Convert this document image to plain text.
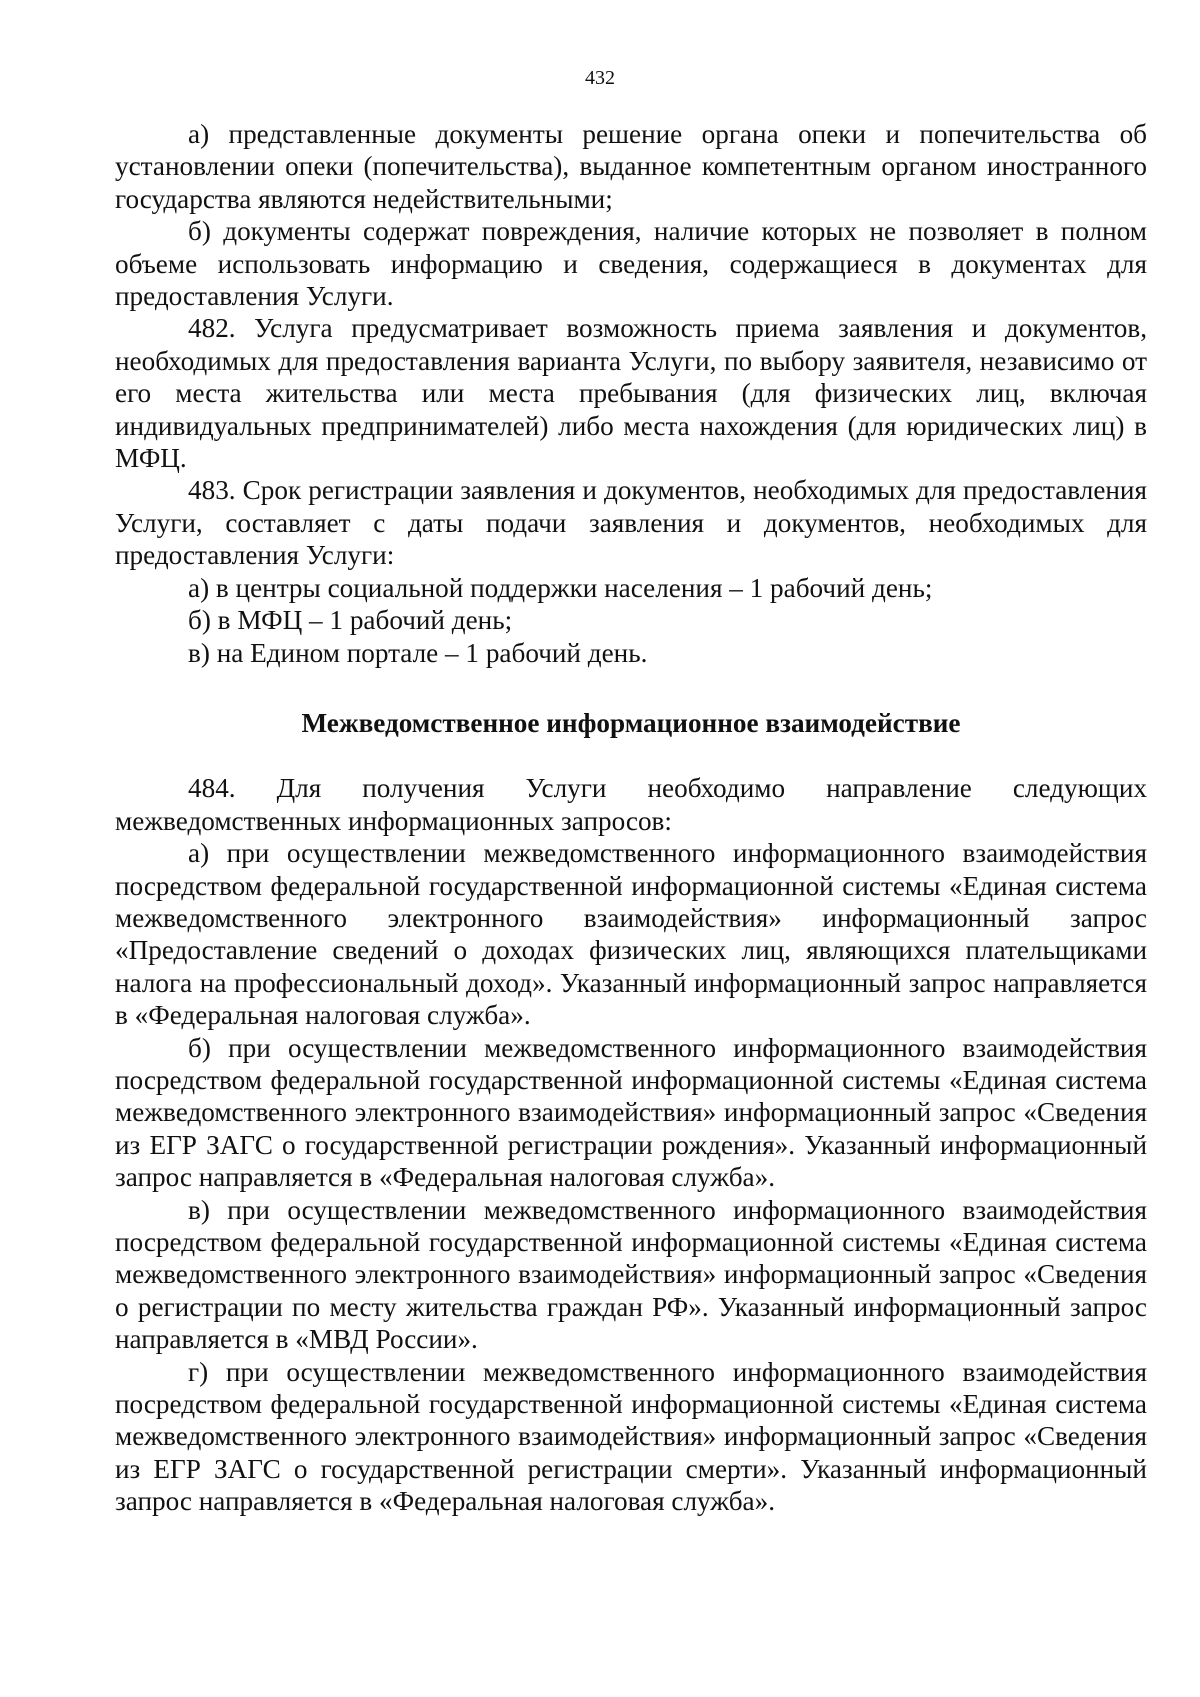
432

а) представленные документы решение органа опеки и попечительства об установлении опеки (попечительства), выданное компетентным органом иностранного государства являются недействительными;

б) документы содержат повреждения, наличие которых не позволяет в полном объеме использовать информацию и сведения, содержащиеся в документах для предоставления Услуги.

482. Услуга предусматривает возможность приема заявления и документов, необходимых для предоставления варианта Услуги, по выбору заявителя, независимо от его места жительства или места пребывания (для физических лиц, включая индивидуальных предпринимателей) либо места нахождения (для юридических лиц) в МФЦ.

483. Срок регистрации заявления и документов, необходимых для предоставления Услуги, составляет с даты подачи заявления и документов, необходимых для предоставления Услуги:

а) в центры социальной поддержки населения – 1 рабочий день;

б) в МФЦ – 1 рабочий день;

в) на Едином портале – 1 рабочий день.

Межведомственное информационное взаимодействие

484. Для получения Услуги необходимо направление следующих межведомственных информационных запросов:

а) при осуществлении межведомственного информационного взаимодействия посредством федеральной государственной информационной системы «Единая система межведомственного электронного взаимодействия» информационный запрос «Предоставление сведений о доходах физических лиц, являющихся плательщиками налога на профессиональный доход». Указанный информационный запрос направляется в «Федеральная налоговая служба».

б) при осуществлении межведомственного информационного взаимодействия посредством федеральной государственной информационной системы «Единая система межведомственного электронного взаимодействия» информационный запрос «Сведения из ЕГР ЗАГС о государственной регистрации рождения». Указанный информационный запрос направляется в «Федеральная налоговая служба».

в) при осуществлении межведомственного информационного взаимодействия посредством федеральной государственной информационной системы «Единая система межведомственного электронного взаимодействия» информационный запрос «Сведения о регистрации по месту жительства граждан РФ». Указанный информационный запрос направляется в «МВД России».

г) при осуществлении межведомственного информационного взаимодействия посредством федеральной государственной информационной системы «Единая система межведомственного электронного взаимодействия» информационный запрос «Сведения из ЕГР ЗАГС о государственной регистрации смерти». Указанный информационный запрос направляется в «Федеральная налоговая служба».
